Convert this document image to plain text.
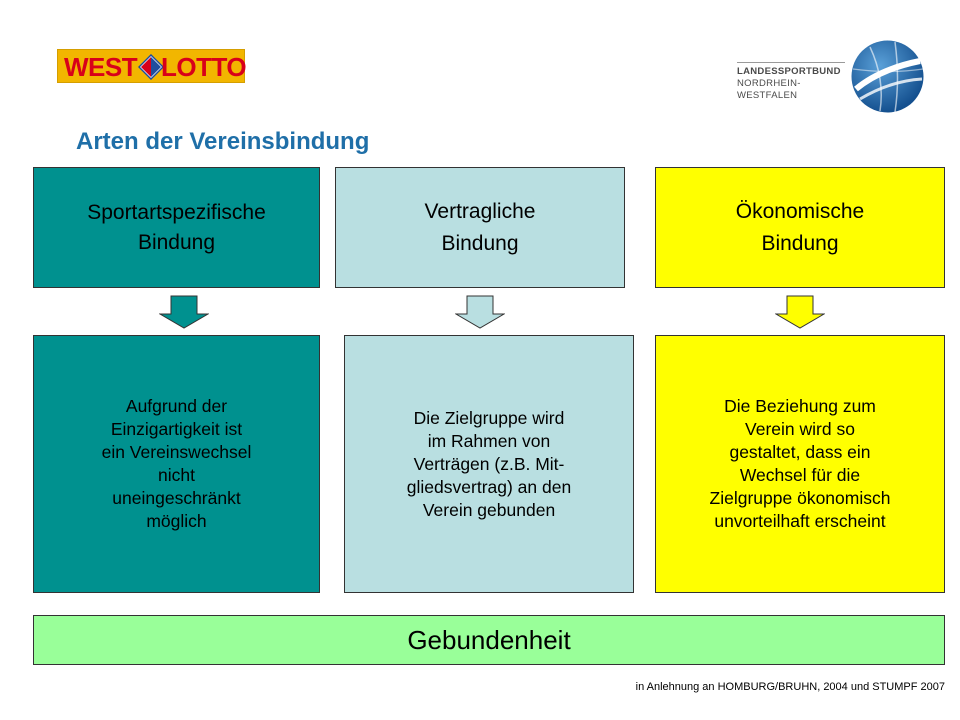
WEST LOTTO	LANDESSPORTBUND
NORDRHEIN-WESTFALEN
Arten der Vereinsbindung
Sportartspezifische
Bindung
Vertragliche
Bindung
Ökonomische
Bindung
Aufgrund der
Einzigartigkeit ist
ein Vereinswechsel
nicht
uneingeschränkt
möglich
Die Zielgruppe wird
im Rahmen von
Verträgen (z.B. Mit-
gliedsvertrag) an den
Verein gebunden
Die Beziehung zum
Verein wird so
gestaltet, dass ein
Wechsel für die
Zielgruppe ökonomisch
unvorteilhaft erscheint
Gebundenheit
in Anlehnung an HOMBURG/BRUHN, 2004 und STUMPF 2007
